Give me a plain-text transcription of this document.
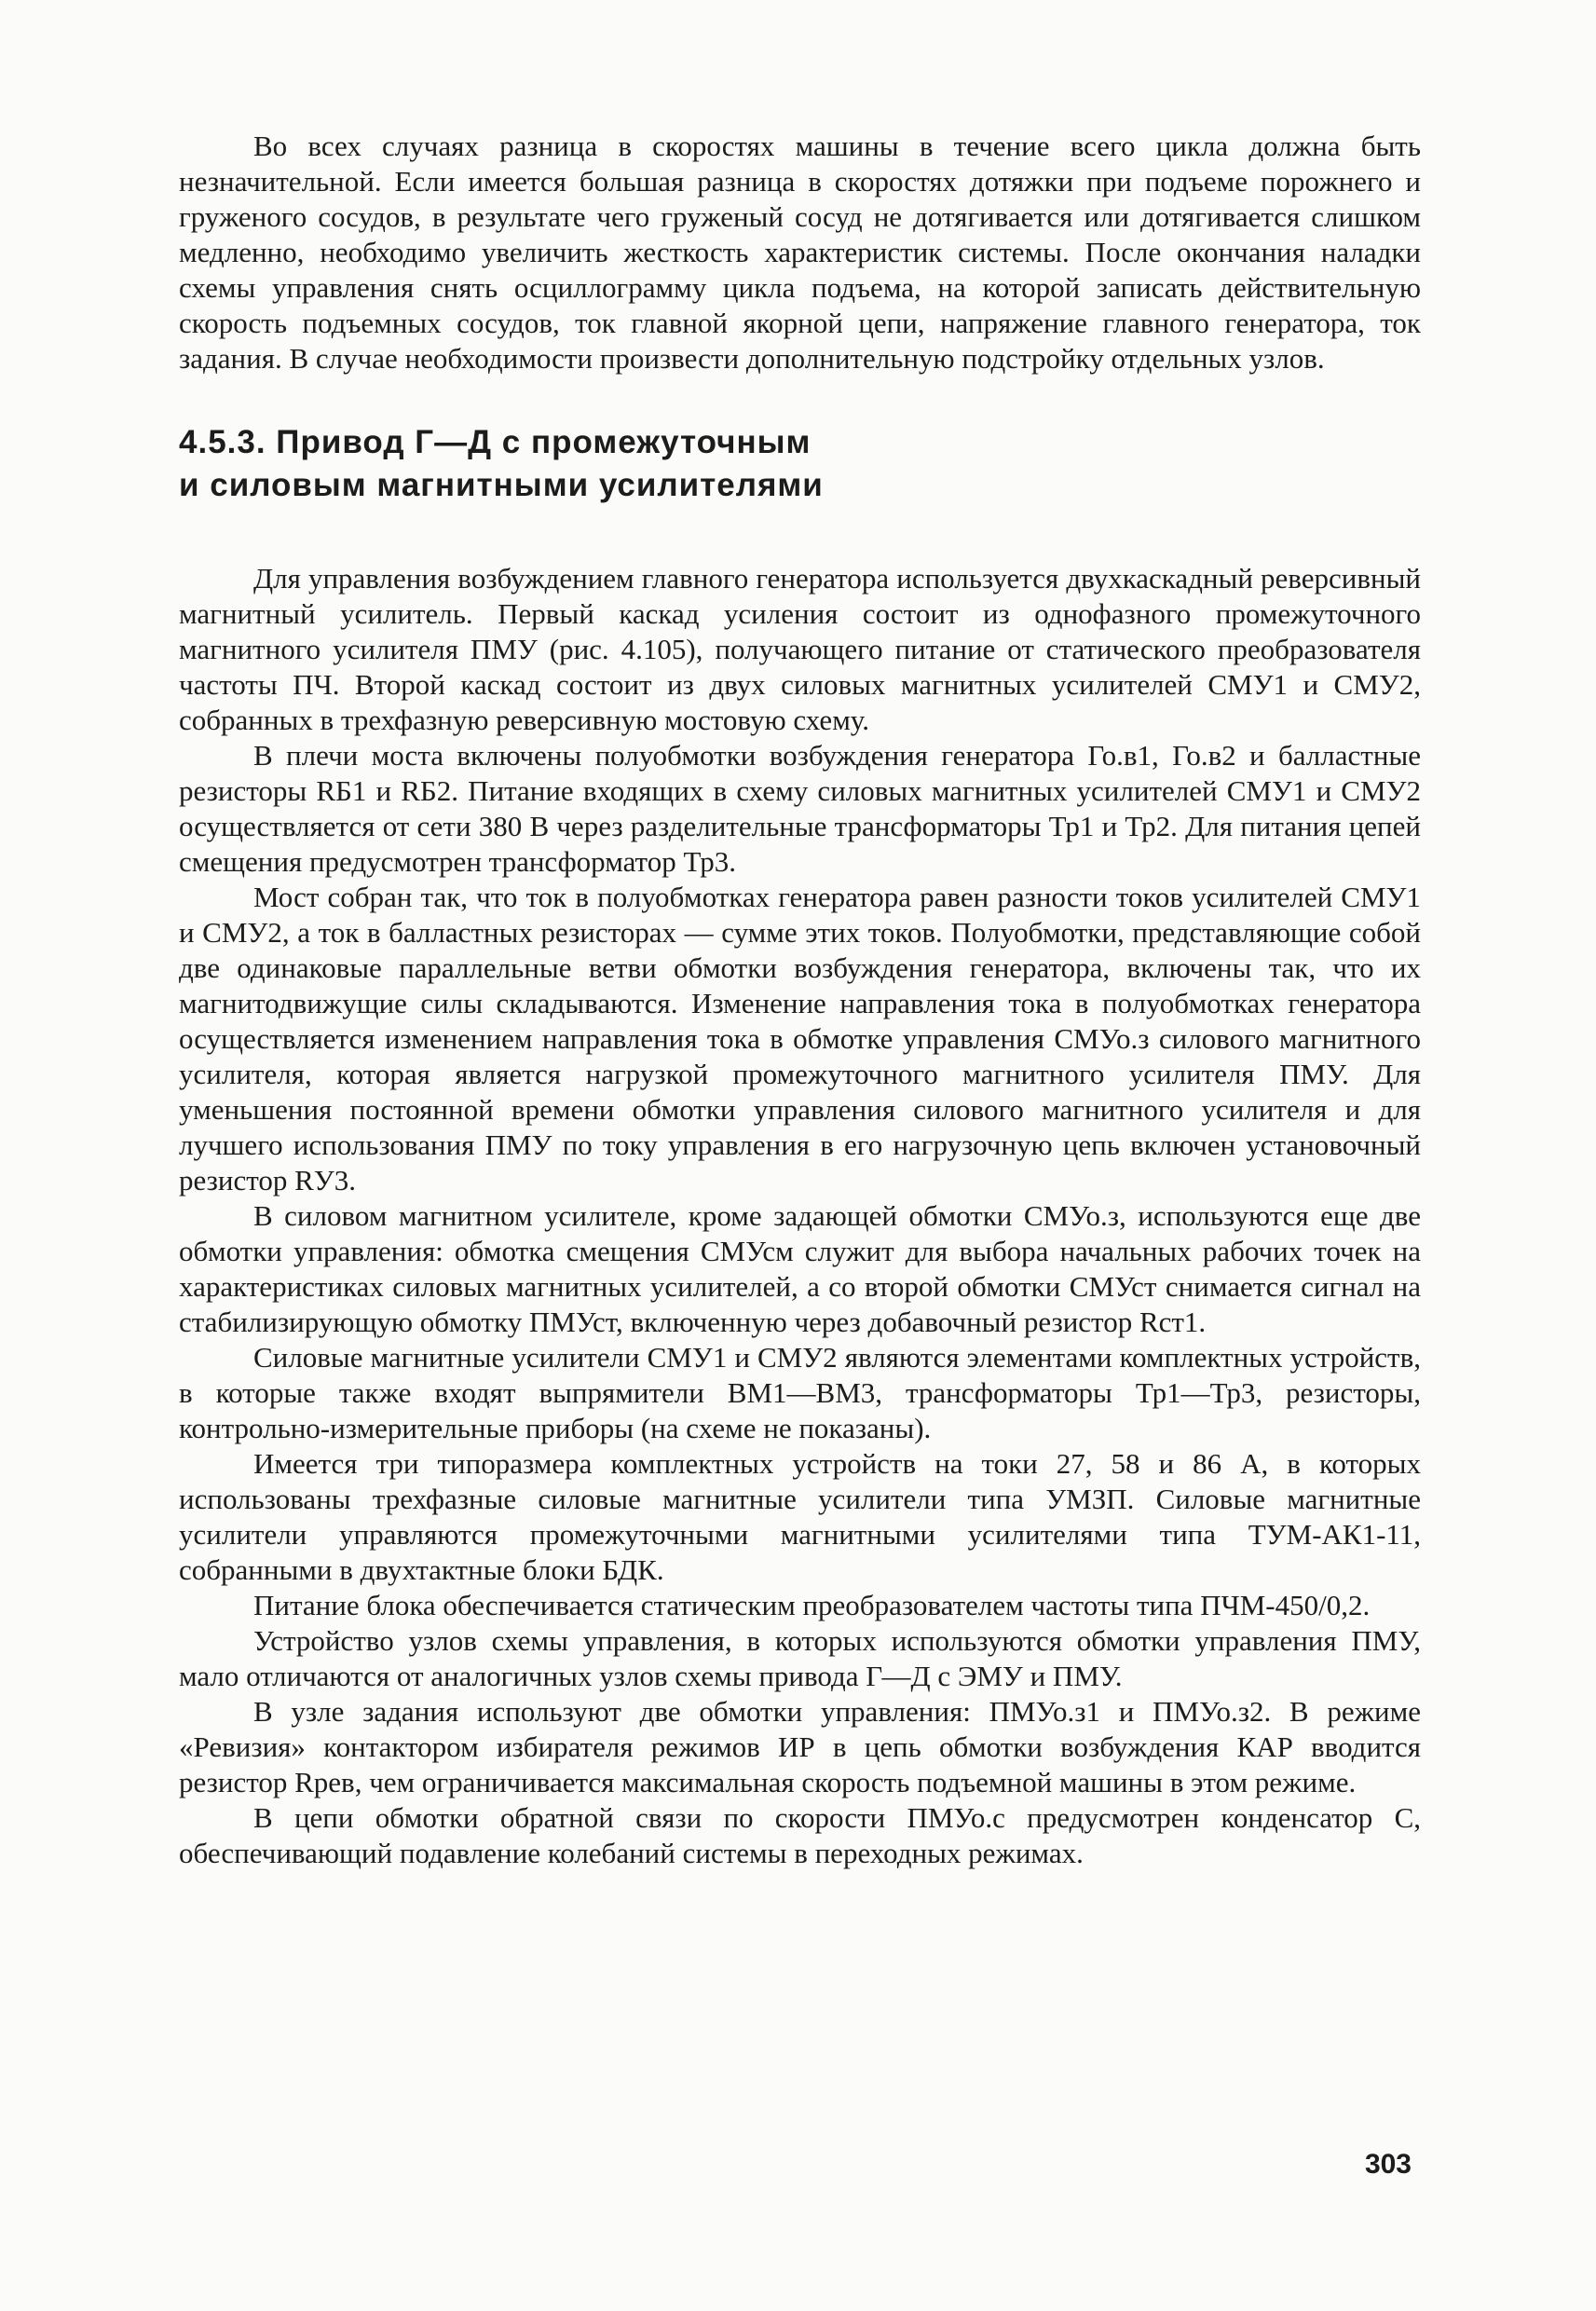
Во всех случаях разница в скоростях машины в течение всего цикла должна быть незначительной. Если имеется большая разница в скоростях дотяжки при подъеме порожнего и груженого сосудов, в результате чего груженый сосуд не дотягивается или дотягивается слишком медленно, необходимо увеличить жесткость характеристик системы. После окончания наладки схемы управления снять осциллограмму цикла подъема, на которой записать действительную скорость подъемных сосудов, ток главной якорной цепи, напряжение главного генератора, ток задания. В случае необходимости произвести дополнительную подстройку отдельных узлов.

4.5.3. Привод Г—Д с промежуточным
и силовым магнитными усилителями

Для управления возбуждением главного генератора используется двухкаскадный реверсивный магнитный усилитель. Первый каскад усиления состоит из однофазного промежуточного магнитного усилителя ПМУ (рис. 4.105), получающего питание от статического преобразователя частоты ПЧ. Второй каскад состоит из двух силовых магнитных усилителей СМУ1 и СМУ2, собранных в трехфазную реверсивную мостовую схему.

В плечи моста включены полуобмотки возбуждения генератора Го.в1, Го.в2 и балластные резисторы RБ1 и RБ2. Питание входящих в схему силовых магнитных усилителей СМУ1 и СМУ2 осуществляется от сети 380 В через разделительные трансформаторы Тр1 и Тр2. Для питания цепей смещения предусмотрен трансформатор Тр3.

Мост собран так, что ток в полуобмотках генератора равен разности токов усилителей СМУ1 и СМУ2, а ток в балластных резисторах — сумме этих токов. Полуобмотки, представляющие собой две одинаковые параллельные ветви обмотки возбуждения генератора, включены так, что их магнитодвижущие силы складываются. Изменение направления тока в полуобмотках генератора осуществляется изменением направления тока в обмотке управления СМУо.з силового магнитного усилителя, которая является нагрузкой промежуточного магнитного усилителя ПМУ. Для уменьшения постоянной времени обмотки управления силового магнитного усилителя и для лучшего использования ПМУ по току управления в его нагрузочную цепь включен установочный резистор RУ3.

В силовом магнитном усилителе, кроме задающей обмотки СМУо.з, используются еще две обмотки управления: обмотка смещения СМУсм служит для выбора начальных рабочих точек на характеристиках силовых магнитных усилителей, а со второй обмотки СМУст снимается сигнал на стабилизирующую обмотку ПМУст, включенную через добавочный резистор Rст1.

Силовые магнитные усилители СМУ1 и СМУ2 являются элементами комплектных устройств, в которые также входят выпрямители ВМ1—ВМ3, трансформаторы Тр1—Тр3, резисторы, контрольно-измерительные приборы (на схеме не показаны).

Имеется три типоразмера комплектных устройств на токи 27, 58 и 86 А, в которых использованы трехфазные силовые магнитные усилители типа УМЗП. Силовые магнитные усилители управляются промежуточными магнитными усилителями типа ТУМ-АК1-11, собранными в двухтактные блоки БДК.

Питание блока обеспечивается статическим преобразователем частоты типа ПЧМ-450/0,2.

Устройство узлов схемы управления, в которых используются обмотки управления ПМУ, мало отличаются от аналогичных узлов схемы привода Г—Д с ЭМУ и ПМУ.

В узле задания используют две обмотки управления: ПМУо.з1 и ПМУо.з2. В режиме «Ревизия» контактором избирателя режимов ИР в цепь обмотки возбуждения КАР вводится резистор Rрев, чем ограничивается максимальная скорость подъемной машины в этом режиме.

В цепи обмотки обратной связи по скорости ПМУо.с предусмотрен конденсатор С, обеспечивающий подавление колебаний системы в переходных режимах.

303
